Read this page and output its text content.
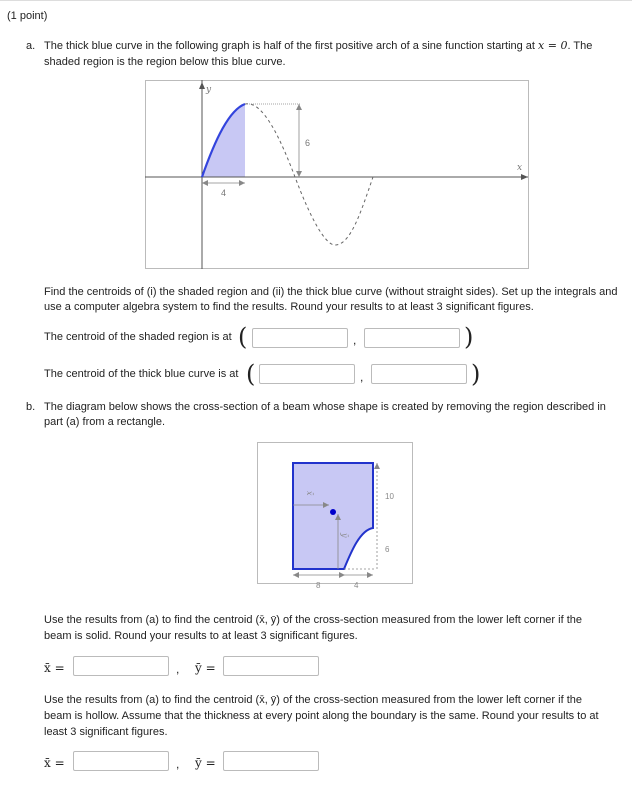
(1 point)
a. The thick blue curve in the following graph is half of the first positive arch of a sine function starting at x = 0. The
shaded region is the region below this blue curve.
6
4
y
x
Find the centroids of (i) the shaded region and (ii) the thick blue curve (without straight sides). Set up the integrals and
use a computer algebra system to find the results. Round your results to at least 3 significant figures.
The centroid of the shaded region is at (	,	)
The centroid of the thick blue curve is at (	,	)
b. The diagram below shows the cross-section of a beam whose shape is created by removing the region described in
part (a) from a rectangle.
x̄
ȳ
10
6
8	4
Use the results from (a) to find the centroid (x̄, ȳ) of the cross-section measured from the lower left corner if the
beam is solid. Round your results to at least 3 significant figures.
x̄ =	, ȳ =
Use the results from (a) to find the centroid (x̄, ȳ) of the cross-section measured from the lower left corner if the
beam is hollow. Assume that the thickness at every point along the boundary is the same. Round your results to at
least 3 significant figures.
x̄ =	, ȳ =
